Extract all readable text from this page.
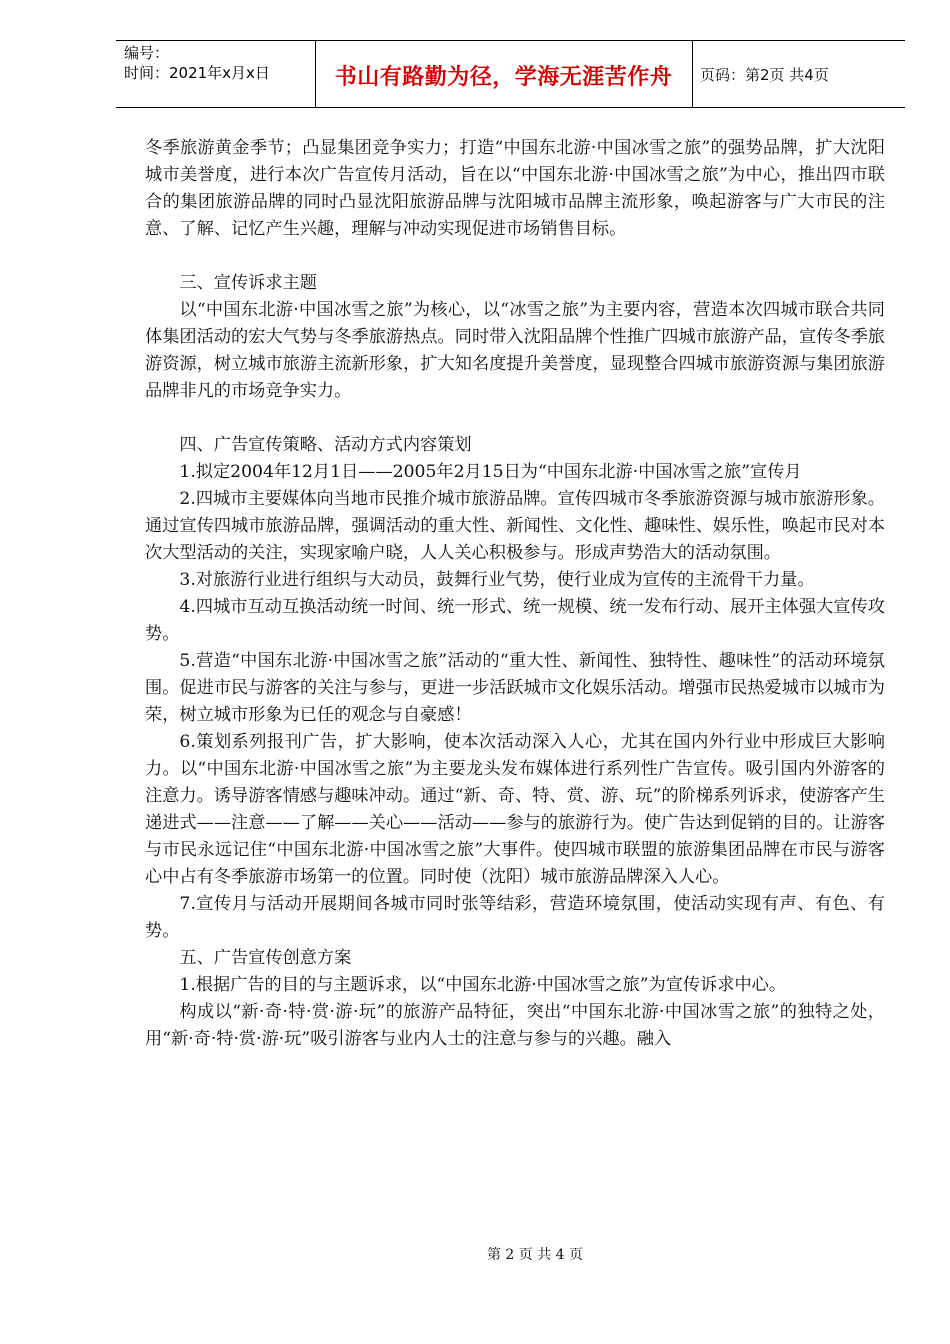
编号：
时间：2021年x月x日	书山有路勤为径，学海无涯苦作舟	页码：第2页 共4页

冬季旅游黄金季节；凸显集团竞争实力；打造“中国东北游·中国冰雪之旅”的强势品牌，扩大沈阳城市美誉度，进行本次广告宣传月活动，旨在以“中国东北游·中国冰雪之旅”为中心，推出四市联合的集团旅游品牌的同时凸显沈阳旅游品牌与沈阳城市品牌主流形象，唤起游客与广大市民的注意、了解、记忆产生兴趣，理解与冲动实现促进市场销售目标。

三、宣传诉求主题

以“中国东北游·中国冰雪之旅”为核心，以“冰雪之旅”为主要内容，营造本次四城市联合共同体集团活动的宏大气势与冬季旅游热点。同时带入沈阳品牌个性推广四城市旅游产品，宣传冬季旅游资源，树立城市旅游主流新形象，扩大知名度提升美誉度，显现整合四城市旅游资源与集团旅游品牌非凡的市场竞争实力。

四、广告宣传策略、活动方式内容策划

1.拟定2004年12月1日——2005年2月15日为“中国东北游·中国冰雪之旅”宣传月

2.四城市主要媒体向当地市民推介城市旅游品牌。宣传四城市冬季旅游资源与城市旅游形象。通过宣传四城市旅游品牌，强调活动的重大性、新闻性、文化性、趣味性、娱乐性，唤起市民对本次大型活动的关注，实现家喻户晓，人人关心积极参与。形成声势浩大的活动氛围。

3.对旅游行业进行组织与大动员，鼓舞行业气势，使行业成为宣传的主流骨干力量。

4.四城市互动互换活动统一时间、统一形式、统一规模、统一发布行动、展开主体强大宣传攻势。

5.营造“中国东北游·中国冰雪之旅”活动的“重大性、新闻性、独特性、趣味性”的活动环境氛围。促进市民与游客的关注与参与，更进一步活跃城市文化娱乐活动。增强市民热爱城市以城市为荣，树立城市形象为已任的观念与自豪感！

6.策划系列报刊广告，扩大影响，使本次活动深入人心，尤其在国内外行业中形成巨大影响力。以“中国东北游·中国冰雪之旅”为主要龙头发布媒体进行系列性广告宣传。吸引国内外游客的注意力。诱导游客情感与趣味冲动。通过“新、奇、特、赏、游、玩”的阶梯系列诉求，使游客产生递进式——注意——了解——关心——活动——参与的旅游行为。使广告达到促销的目的。让游客与市民永远记住“中国东北游·中国冰雪之旅”大事件。使四城市联盟的旅游集团品牌在市民与游客心中占有冬季旅游市场第一的位置。同时使（沈阳）城市旅游品牌深入人心。

7.宣传月与活动开展期间各城市同时张等结彩，营造环境氛围，使活动实现有声、有色、有势。

五、广告宣传创意方案

1.根据广告的目的与主题诉求，以“中国东北游·中国冰雪之旅”为宣传诉求中心。

构成以“新·奇·特·赏·游·玩”的旅游产品特征，突出“中国东北游·中国冰雪之旅”的独特之处，用“新·奇·特·赏·游·玩”吸引游客与业内人士的注意与参与的兴趣。融入

第 2 页 共 4 页
